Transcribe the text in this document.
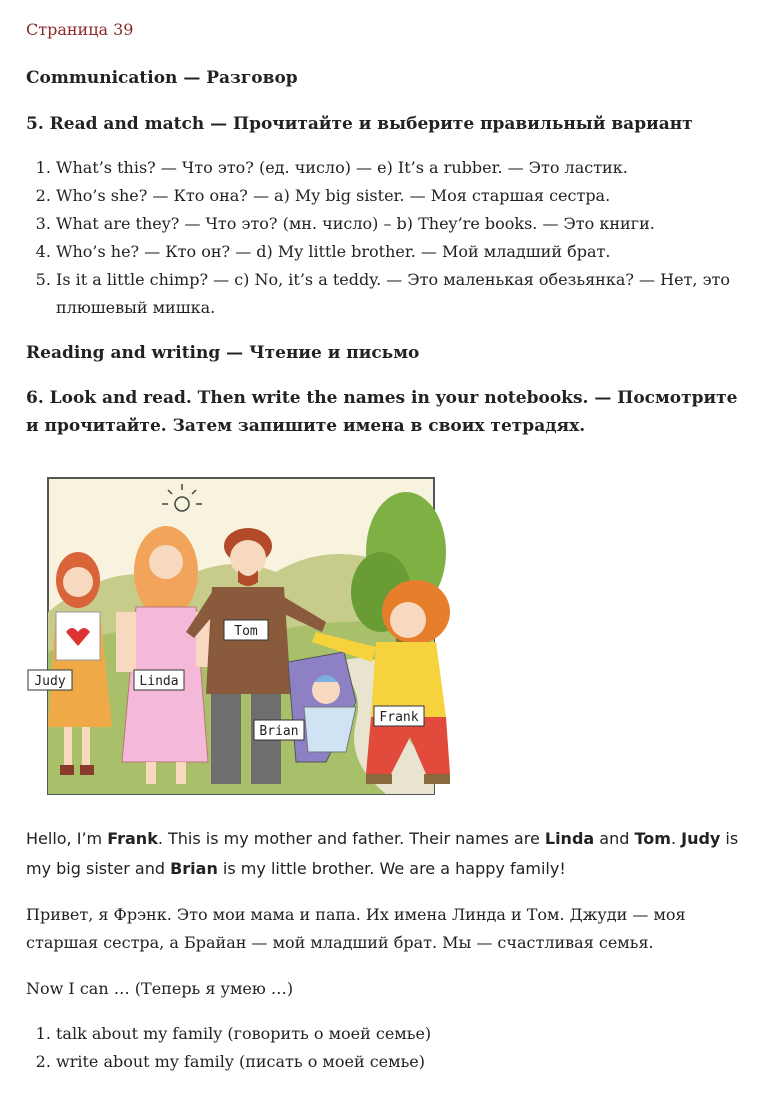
Страница 39
Communication — Разговор
5. Read and match — Прочитайте и выберите правильный вариант
1. What’s this? — Что это? (ед. число) — e) It’s a rubber. — Это ластик.
2. Who’s she? — Кто она? — a) My big sister. — Моя старшая сестра.
3. What are they? — Что это? (мн. число) – b) They’re books. — Это книги.
4. Who’s he? — Кто он? — d) My little brother. — Мой младший брат.
5. Is it a little chimp? — c) No, it’s a teddy. — Это маленькая обезьянка? — Нет, это плюшевый мишка.
Reading and writing — Чтение и письмо
6. Look and read. Then write the names in your notebooks. — Посмотрите и прочитайте. Затем запишите имена в своих тетрадях.
Tom
Judy	Linda
Brian
Frank
Hello, I’m Frank. This is my mother and father. Their names are Linda and Tom. Judy is my big sister and Brian is my little brother. We are a happy family!
Привет, я Фрэнк. Это мои мама и папа. Их имена Линда и Том. Джуди — моя старшая сестра, а Брайан — мой младший брат. Мы — счастливая семья.
Now I can … (Теперь я умею …)
1. talk about my family (говорить о моей семье)
2. write about my family (писать о моей семье)
